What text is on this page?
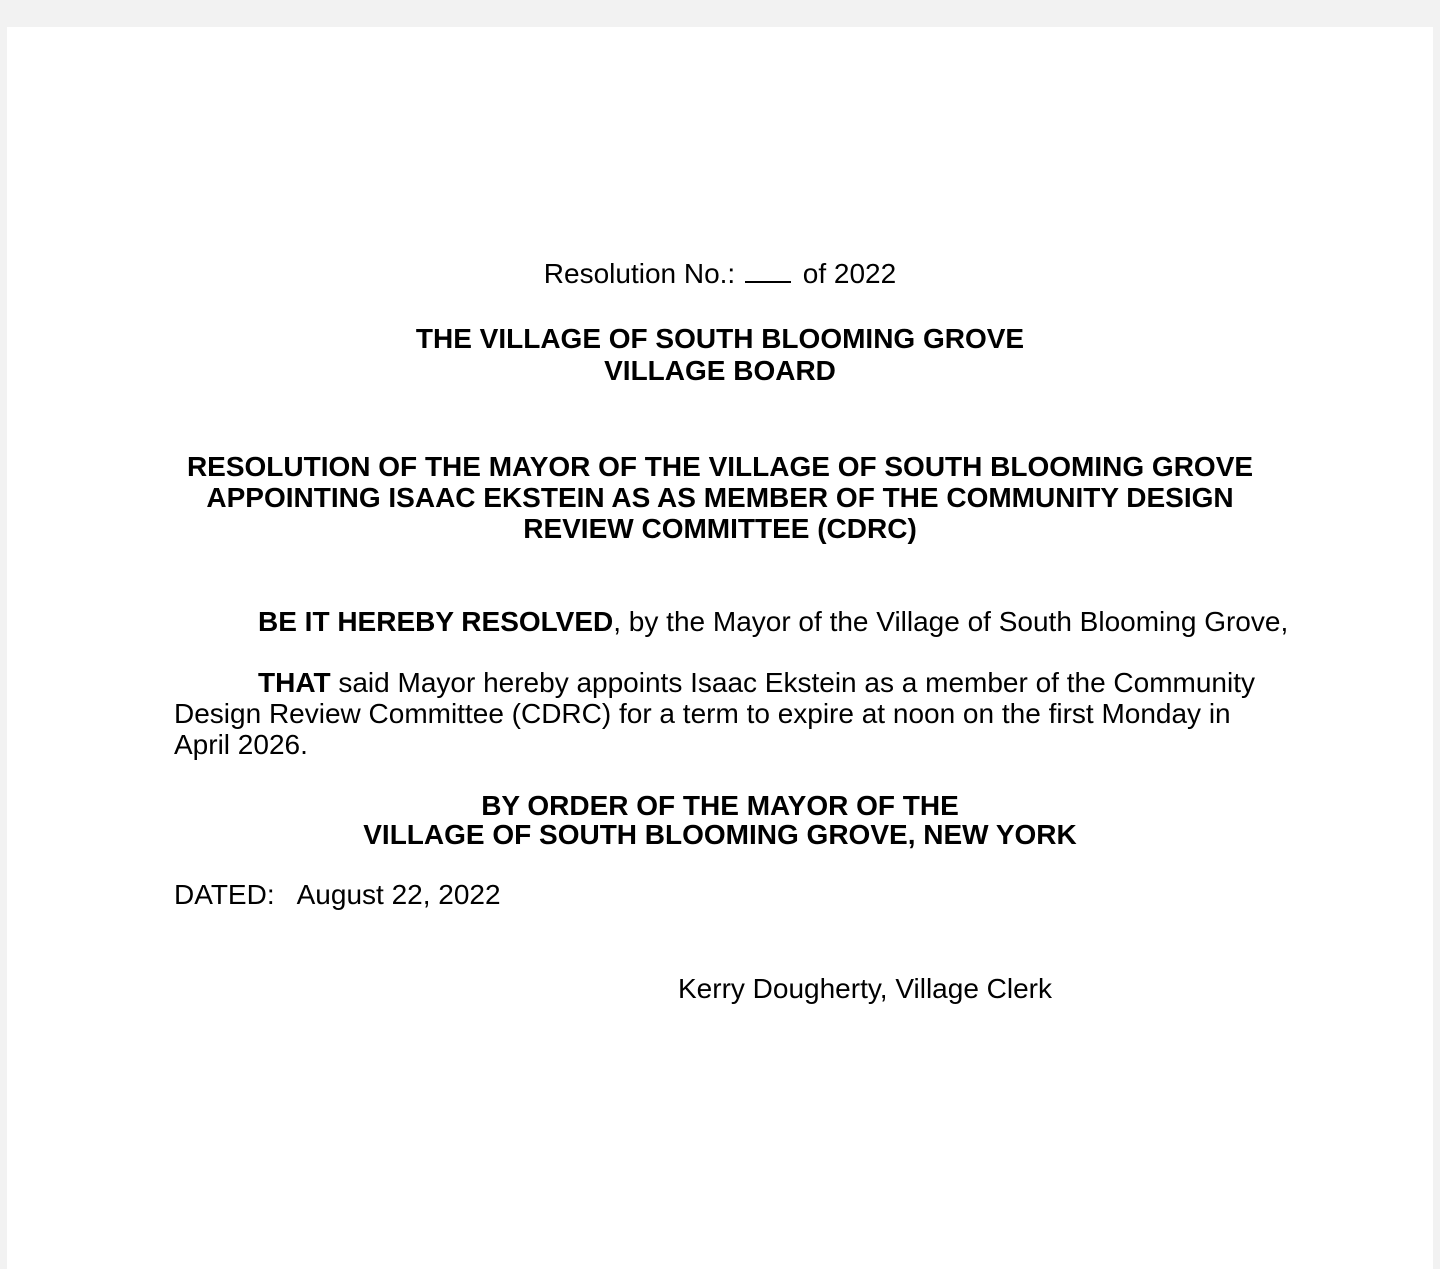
Resolution No.: of 2022
THE VILLAGE OF SOUTH BLOOMING GROVE
VILLAGE BOARD
RESOLUTION OF THE MAYOR OF THE VILLAGE OF SOUTH BLOOMING GROVE
APPOINTING ISAAC EKSTEIN AS AS MEMBER OF THE COMMUNITY DESIGN
REVIEW COMMITTEE (CDRC)
BE IT HEREBY RESOLVED, by the Mayor of the Village of South Blooming Grove,
THAT said Mayor hereby appoints Isaac Ekstein as a member of the Community Design Review Committee (CDRC) for a term to expire at noon on the first Monday in April 2026.
BY ORDER OF THE MAYOR OF THE
VILLAGE OF SOUTH BLOOMING GROVE, NEW YORK
DATED: August 22, 2022
Kerry Dougherty, Village Clerk
